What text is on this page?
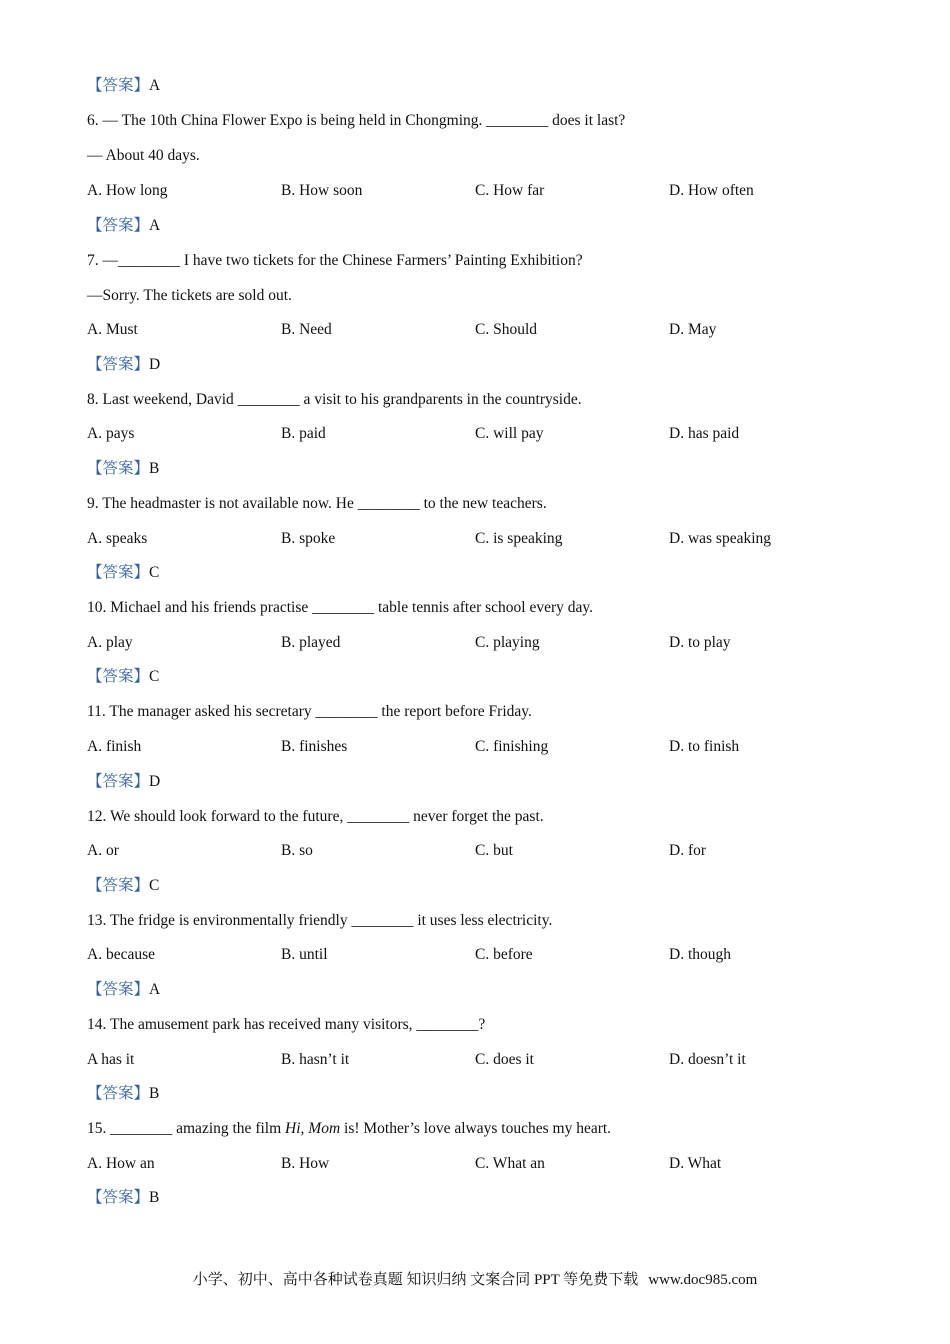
【答案】A
6. — The 10th China Flower Expo is being held in Chongming. ________ does it last?
— About 40 days.
A. How long	B. How soon	C. How far	D. How often
【答案】A
7. —________ I have two tickets for the Chinese Farmers’ Painting Exhibition?
—Sorry. The tickets are sold out.
A. Must	B. Need	C. Should	D. May
【答案】D
8. Last weekend, David ________ a visit to his grandparents in the countryside.
A. pays	B. paid	C. will pay	D. has paid
【答案】B
9. The headmaster is not available now. He ________ to the new teachers.
A. speaks	B. spoke	C. is speaking	D. was speaking
【答案】C
10. Michael and his friends practise ________ table tennis after school every day.
A. play	B. played	C. playing	D. to play
【答案】C
11. The manager asked his secretary ________ the report before Friday.
A. finish	B. finishes	C. finishing	D. to finish
【答案】D
12. We should look forward to the future, ________ never forget the past.
A. or	B. so	C. but	D. for
【答案】C
13. The fridge is environmentally friendly ________ it uses less electricity.
A. because	B. until	C. before	D. though
【答案】A
14. The amusement park has received many visitors, ________?
A has it	B. hasn’t it	C. does it	D. doesn’t it
【答案】B
15. ________ amazing the film Hi, Mom is! Mother’s love always touches my heart.
A. How an	B. How	C. What an	D. What
【答案】B
小学、初中、高中各种试卷真题 知识归纳 文案合同 PPT 等免费下载 www.doc985.com
